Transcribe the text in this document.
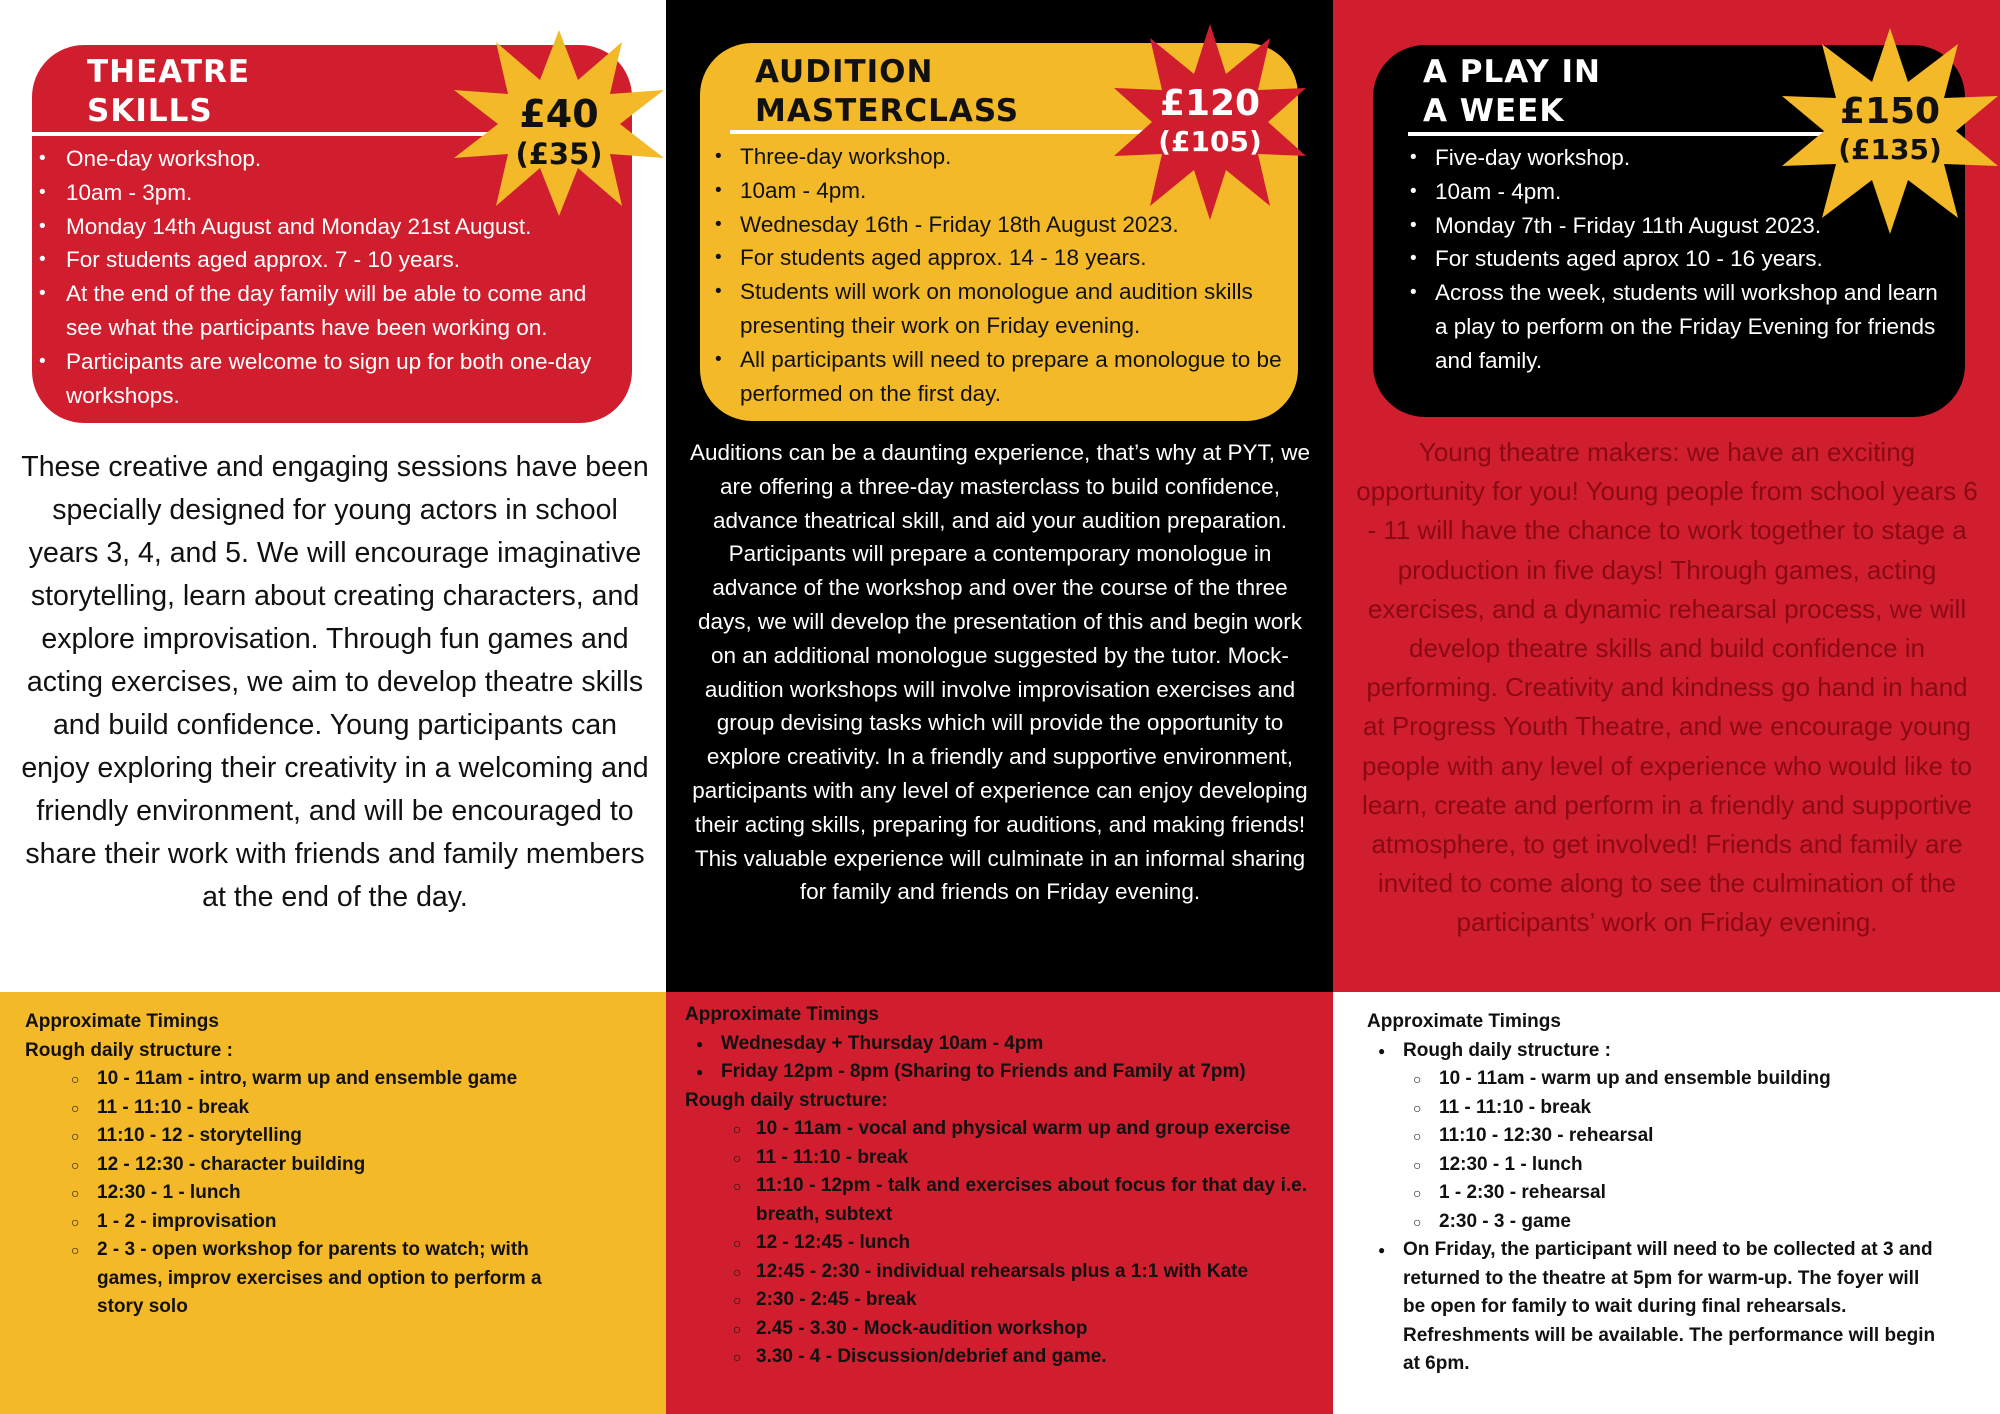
THEATRE
SKILLS
• One-day workshop.
• 10am - 3pm.
• Monday 14th August and Monday 21st August.
• For students aged approx. 7 - 10 years.
• At the end of the day family will be able to come and see what the participants have been working on.
• Participants are welcome to sign up for both one-day workshops.
£40
(£35)
These creative and engaging sessions have been specially designed for young actors in school years 3, 4, and 5. We will encourage imaginative storytelling, learn about creating characters, and explore improvisation. Through fun games and acting exercises, we aim to develop theatre skills and build confidence. Young participants can enjoy exploring their creativity in a welcoming and friendly environment, and will be encouraged to share their work with friends and family members at the end of the day.
Approximate Timings
Rough daily structure :
○ 10 - 11am - intro, warm up and ensemble game
○ 11 - 11:10 - break
○ 11:10 - 12 - storytelling
○ 12 - 12:30 - character building
○ 12:30 - 1 - lunch
○ 1 - 2 - improvisation
○ 2 - 3 - open workshop for parents to watch; with games, improv exercises and option to perform a story solo
AUDITION
MASTERCLASS
• Three-day workshop.
• 10am - 4pm.
• Wednesday 16th - Friday 18th August 2023.
• For students aged approx. 14 - 18 years.
• Students will work on monologue and audition skills presenting their work on Friday evening.
• All participants will need to prepare a monologue to be performed on the first day.
£120
(£105)
Auditions can be a daunting experience, that’s why at PYT, we are offering a three-day masterclass to build confidence, advance theatrical skill, and aid your audition preparation. Participants will prepare a contemporary monologue in advance of the workshop and over the course of the three days, we will develop the presentation of this and begin work on an additional monologue suggested by the tutor. Mock-audition workshops will involve improvisation exercises and group devising tasks which will provide the opportunity to explore creativity. In a friendly and supportive environment, participants with any level of experience can enjoy developing their acting skills, preparing for auditions, and making friends! This valuable experience will culminate in an informal sharing for family and friends on Friday evening.
Approximate Timings
● Wednesday + Thursday 10am - 4pm
● Friday 12pm - 8pm (Sharing to Friends and Family at 7pm)
Rough daily structure:
○ 10 - 11am - vocal and physical warm up and group exercise
○ 11 - 11:10 - break
○ 11:10 - 12pm - talk and exercises about focus for that day i.e. breath, subtext
○ 12 - 12:45 - lunch
○ 12:45 - 2:30 - individual rehearsals plus a 1:1 with Kate
○ 2:30 - 2:45 - break
○ 2.45 - 3.30 - Mock-audition workshop
○ 3.30 - 4 - Discussion/debrief and game.
A PLAY IN
A WEEK
• Five-day workshop.
• 10am - 4pm.
• Monday 7th - Friday 11th August 2023.
• For students aged aprox 10 - 16 years.
• Across the week, students will workshop and learn a play to perform on the Friday Evening for friends and family.
£150
(£135)
Young theatre makers: we have an exciting opportunity for you! Young people from school years 6 - 11 will have the chance to work together to stage a production in five days! Through games, acting exercises, and a dynamic rehearsal process, we will develop theatre skills and build confidence in performing. Creativity and kindness go hand in hand at Progress Youth Theatre, and we encourage young people with any level of experience who would like to learn, create and perform in a friendly and supportive atmosphere, to get involved! Friends and family are invited to come along to see the culmination of the participants’ work on Friday evening.
Approximate Timings
● Rough daily structure :
○ 10 - 11am - warm up and ensemble building
○ 11 - 11:10 - break
○ 11:10 - 12:30 - rehearsal
○ 12:30 - 1 - lunch
○ 1 - 2:30 - rehearsal
○ 2:30 - 3 - game
● On Friday, the participant will need to be collected at 3 and returned to the theatre at 5pm for warm-up. The foyer will be open for family to wait during final rehearsals. Refreshments will be available. The performance will begin at 6pm.
